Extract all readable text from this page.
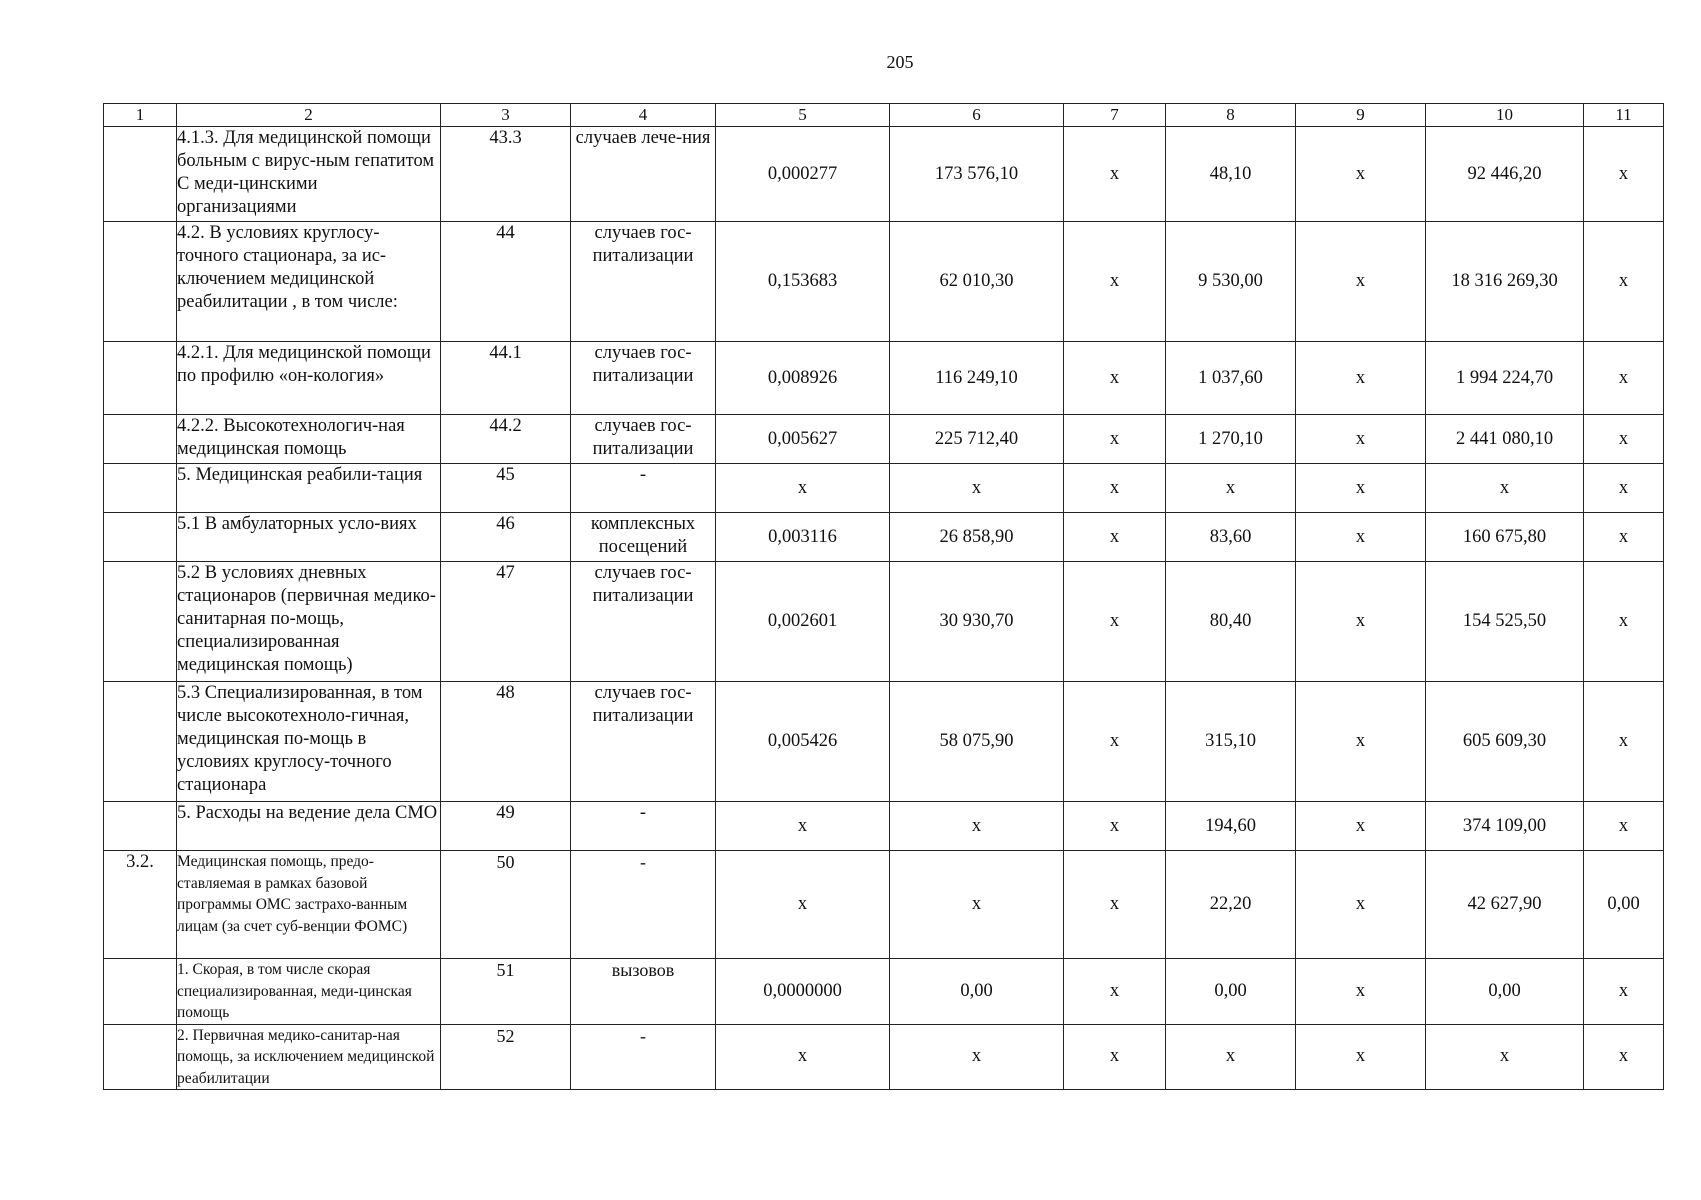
205
1	2	3	4	5	6	7	8	9	10	11
	4.1.3. Для медицинской помощи больным с вирус-ным гепатитом С меди-цинскими организациями	43.3	случаев лече-ния	0,000277	173 576,10	х	48,10	х	92 446,20	х
	4.2. В условиях круглосу-точного стационара, за ис-ключением медицинской реабилитации , в том числе:	44	случаев гос-питализации	0,153683	62 010,30	х	9 530,00	х	18 316 269,30	х
	4.2.1. Для медицинской помощи по профилю «он-кология»	44.1	случаев гос-питализации	0,008926	116 249,10	х	1 037,60	х	1 994 224,70	х
	4.2.2. Высокотехнологич-ная медицинская помощь	44.2	случаев гос-питализации	0,005627	225 712,40	х	1 270,10	х	2 441 080,10	х
	5. Медицинская реабили-тация	45	-	х	х	х	х	х	х	х
	5.1 В амбулаторных усло-виях	46	комплексных посещений	0,003116	26 858,90	х	83,60	х	160 675,80	х
	5.2 В условиях дневных стационаров (первичная медико-санитарная по-мощь, специализированная медицинская помощь)	47	случаев гос-питализации	0,002601	30 930,70	х	80,40	х	154 525,50	х
	5.3 Специализированная, в том числе высокотехноло-гичная, медицинская по-мощь в условиях круглосу-точного стационара	48	случаев гос-питализации	0,005426	58 075,90	х	315,10	х	605 609,30	х
	5. Расходы на ведение дела СМО	49	-	х	х	х	194,60	х	374 109,00	х
3.2.	Медицинская помощь, предо-ставляемая в рамках базовой программы ОМС застрахо-ванным лицам (за счет суб-венции ФОМС)	50	-	х	х	х	22,20	х	42 627,90	0,00
	1. Скорая, в том числе скорая специализированная, меди-цинская помощь	51	вызовов	0,0000000	0,00	х	0,00	х	0,00	х
	2. Первичная медико-санитар-ная помощь, за исключением медицинской реабилитации	52	-	х	х	х	х	х	х	х
